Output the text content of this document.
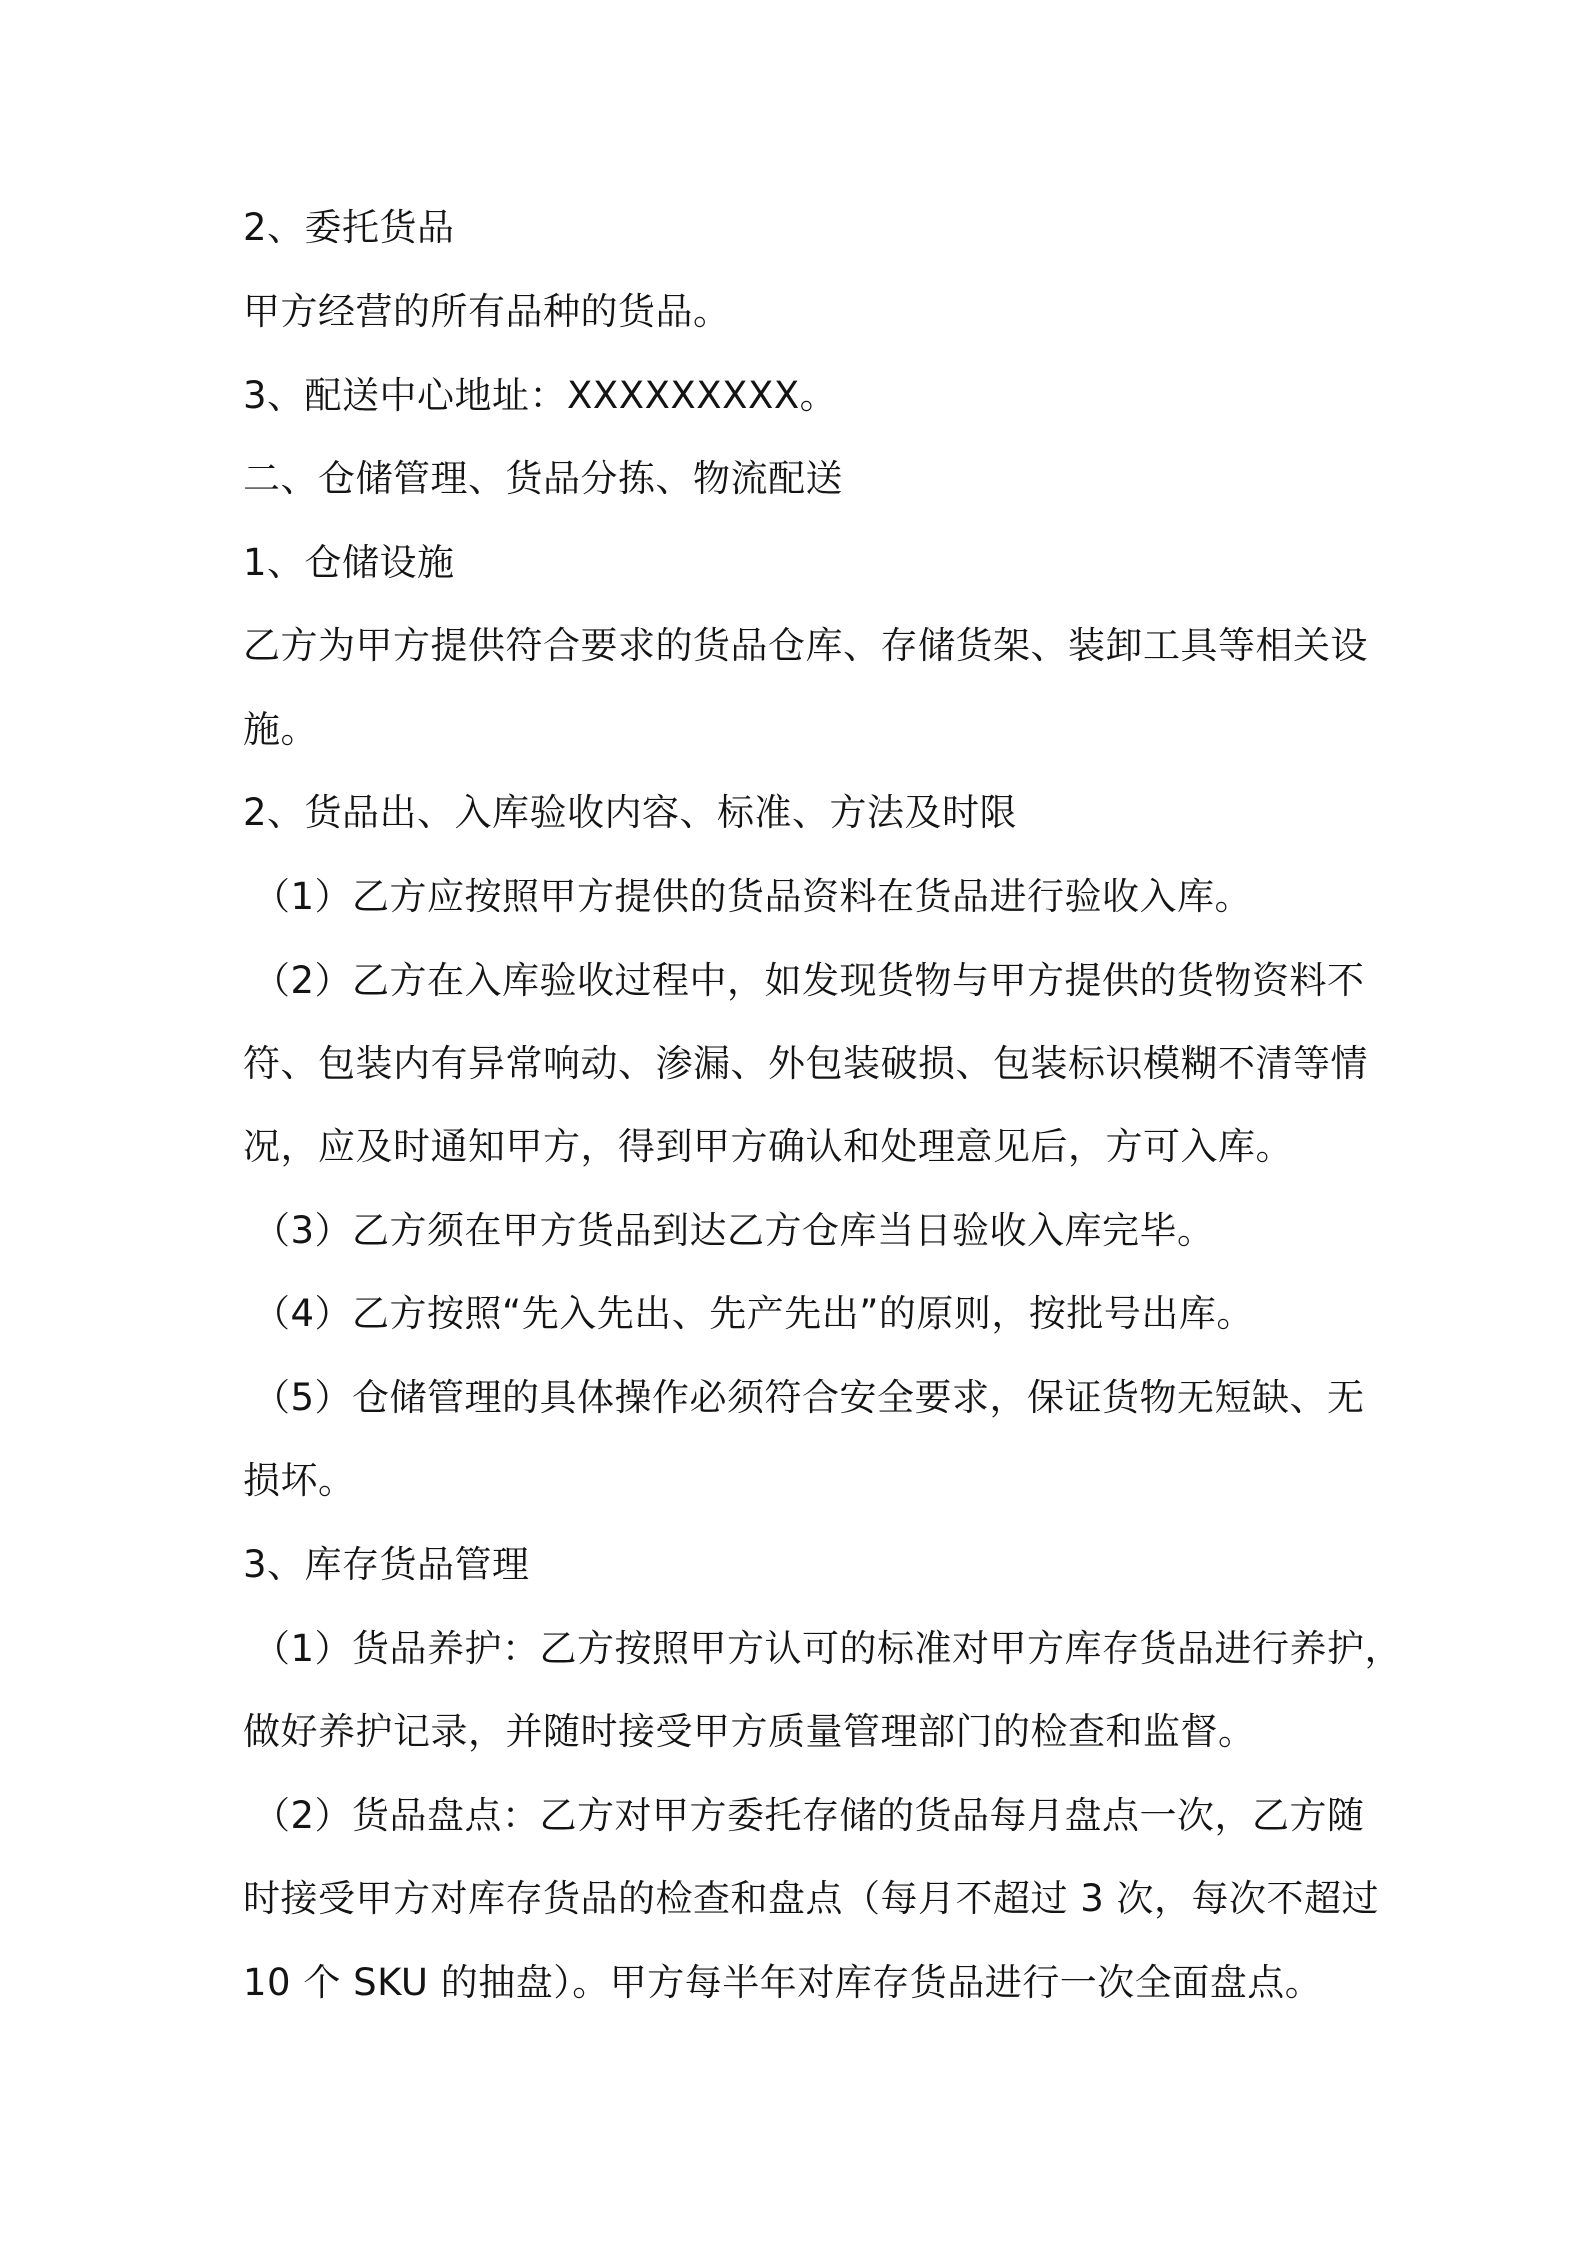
2、委托货品

甲方经营的所有品种的货品。

3、配送中心地址：XXXXXXXXX。

二、仓储管理、货品分拣、物流配送

1、仓储设施

乙方为甲方提供符合要求的货品仓库、存储货架、装卸工具等相关设

施。

2、货品出、入库验收内容、标准、方法及时限

（1）乙方应按照甲方提供的货品资料在货品进行验收入库。

（2）乙方在入库验收过程中，如发现货物与甲方提供的货物资料不

符、包装内有异常响动、渗漏、外包装破损、包装标识模糊不清等情

况，应及时通知甲方，得到甲方确认和处理意见后，方可入库。

（3）乙方须在甲方货品到达乙方仓库当日验收入库完毕。

（4）乙方按照“先入先出、先产先出”的原则，按批号出库。

（5）仓储管理的具体操作必须符合安全要求，保证货物无短缺、无

损坏。

3、库存货品管理

（1）货品养护：乙方按照甲方认可的标准对甲方库存货品进行养护，

做好养护记录，并随时接受甲方质量管理部门的检查和监督。

（2）货品盘点：乙方对甲方委托存储的货品每月盘点一次，乙方随

时接受甲方对库存货品的检查和盘点（每月不超过 3 次，每次不超过

10 个 SKU 的抽盘）。甲方每半年对库存货品进行一次全面盘点。
